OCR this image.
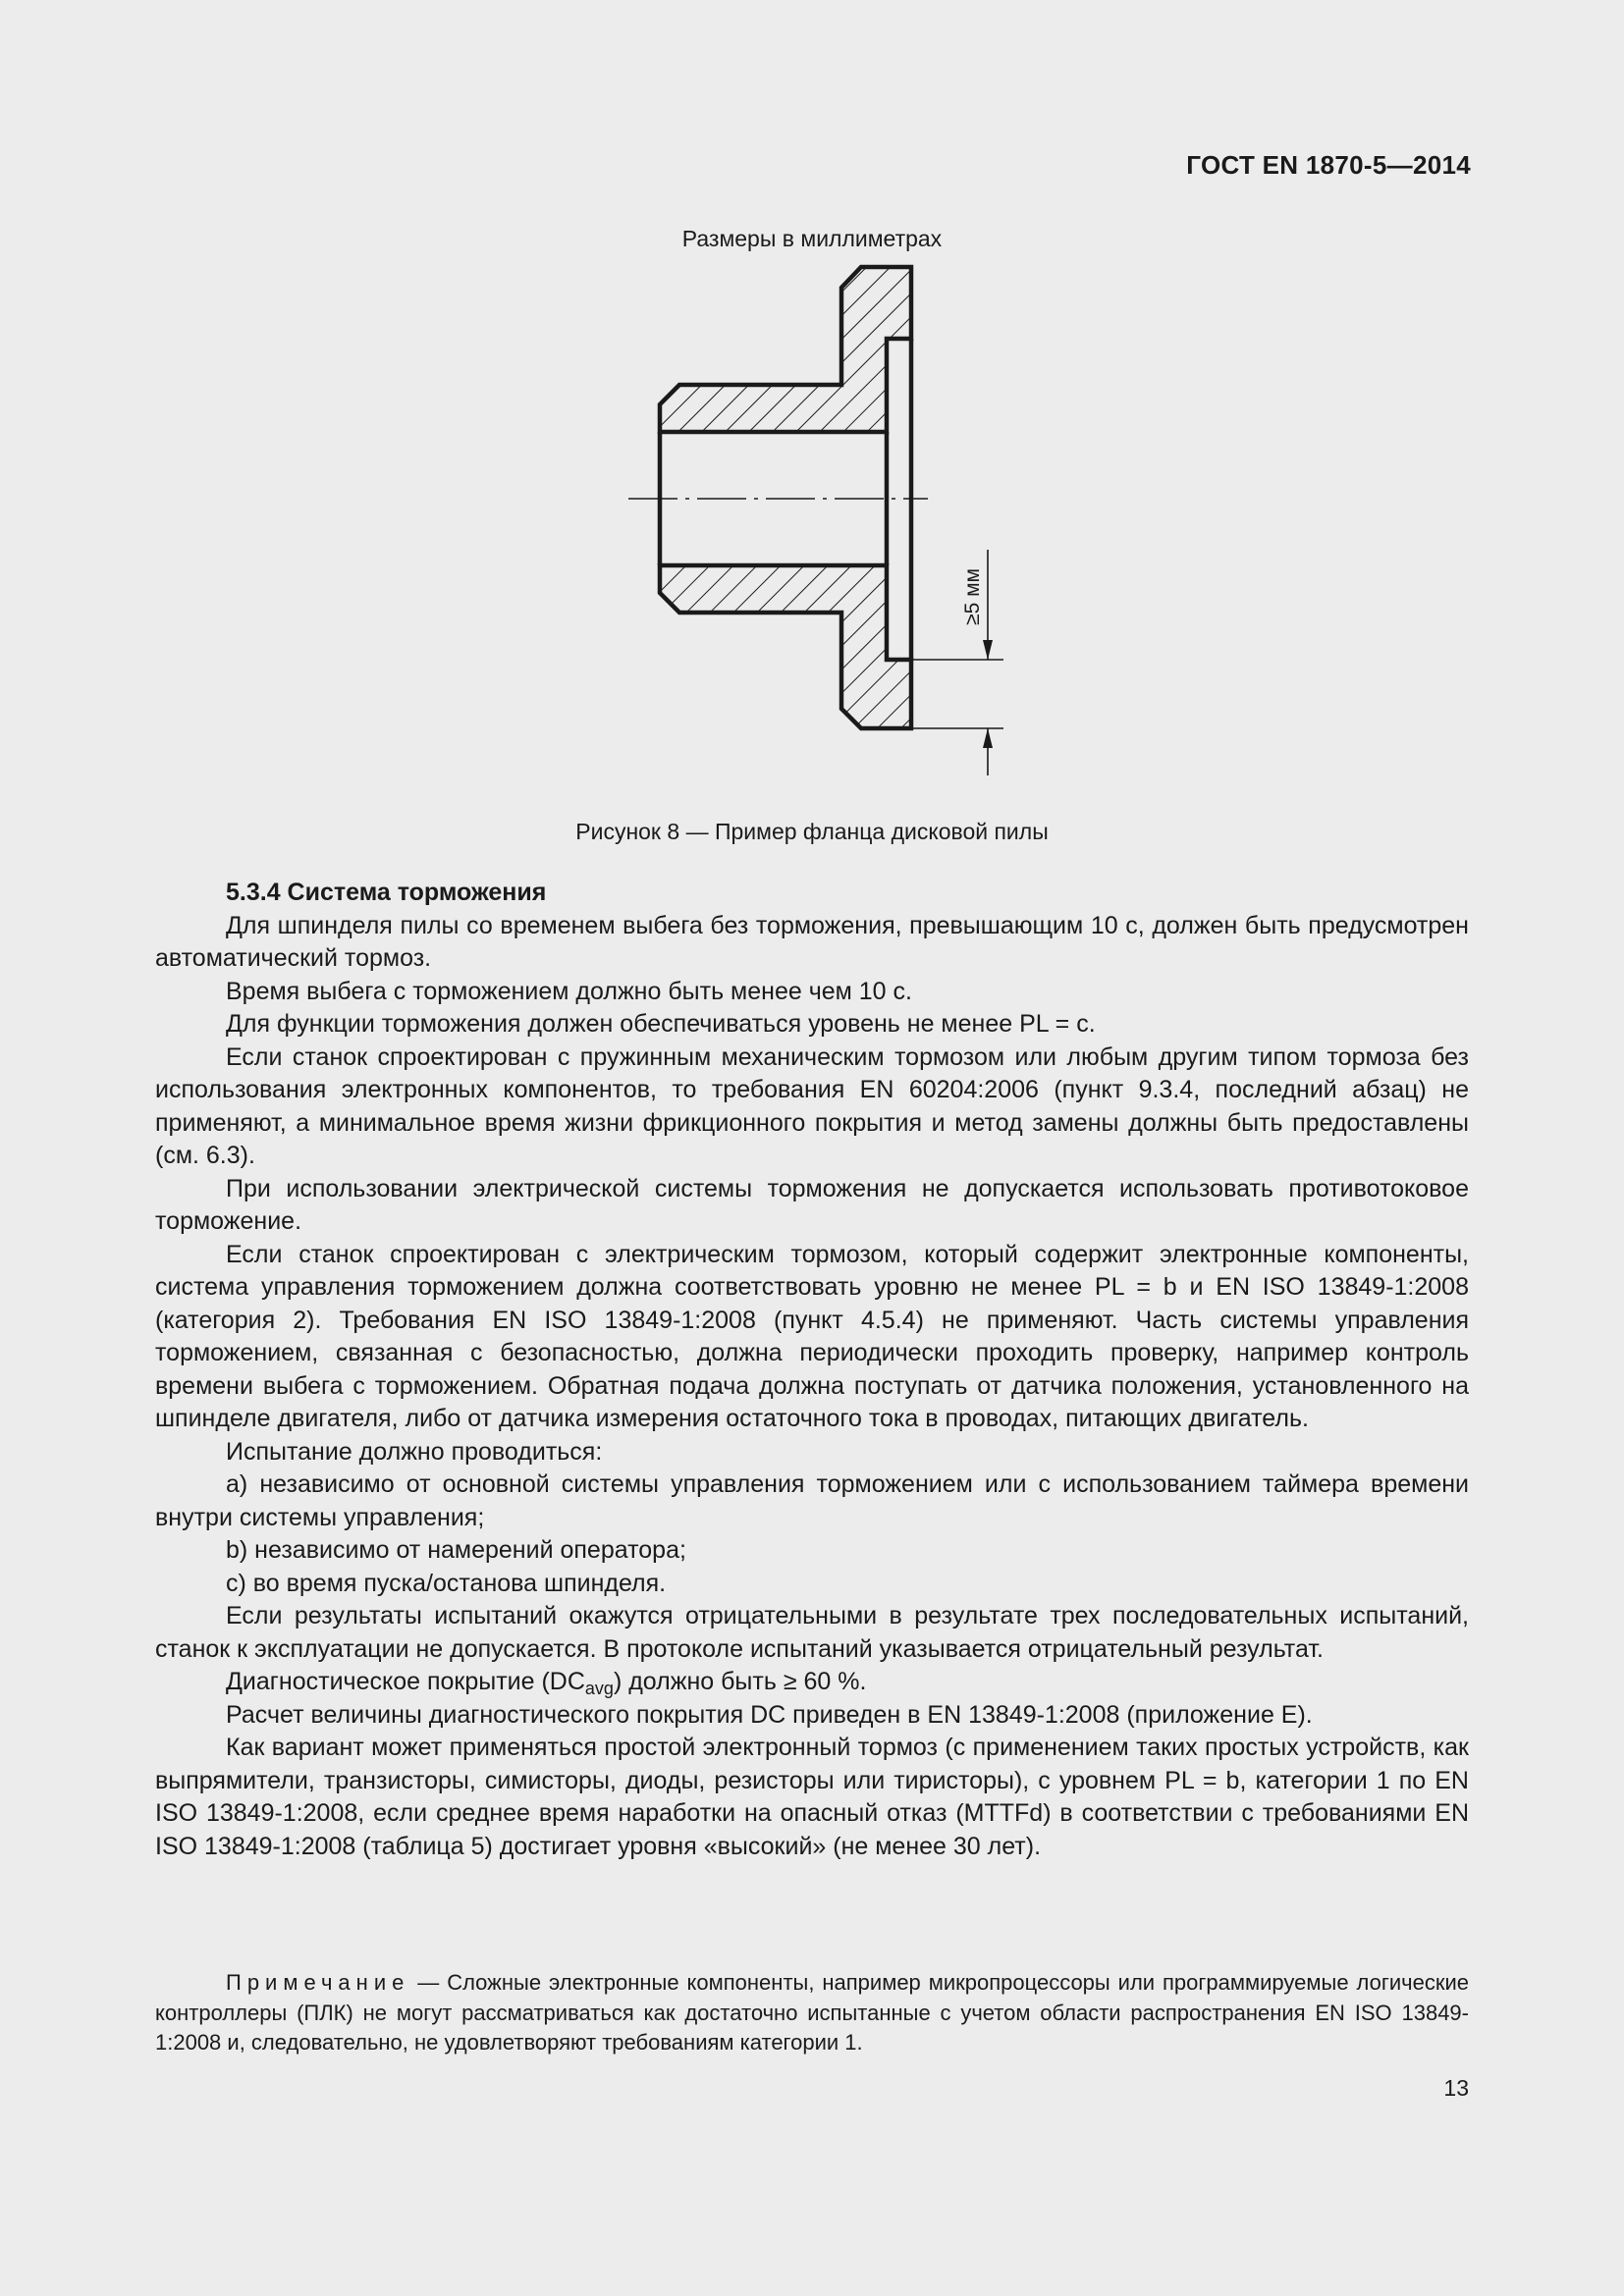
ГОСТ EN 1870-5—2014
Размеры в миллиметрах
≥5 мм
Рисунок 8 — Пример фланца дисковой пилы

5.3.4 Система торможения

Для шпинделя пилы со временем выбега без торможения, превышающим 10 с, должен быть предусмотрен автоматический тормоз.

Время выбега с торможением должно быть менее чем 10 с.

Для функции торможения должен обеспечиваться уровень не менее PL = c.

Если станок спроектирован с пружинным механическим тормозом или любым другим типом тормоза без использования электронных компонентов, то требования EN 60204:2006 (пункт 9.3.4, последний абзац) не применяют, а минимальное время жизни фрикционного покрытия и метод замены должны быть предоставлены (см. 6.3).

При использовании электрической системы торможения не допускается использовать противотоковое торможение.

Если станок спроектирован с электрическим тормозом, который содержит электронные компоненты, система управления торможением должна соответствовать уровню не менее PL = b и EN ISO 13849-1:2008 (категория 2). Требования EN ISO 13849-1:2008 (пункт 4.5.4) не применяют. Часть системы управления торможением, связанная с безопасностью, должна периодически проходить проверку, например контроль времени выбега с торможением. Обратная подача должна поступать от датчика положения, установленного на шпинделе двигателя, либо от датчика измерения остаточного тока в проводах, питающих двигатель.

Испытание должно проводиться:

a) независимо от основной системы управления торможением или с использованием таймера времени внутри системы управления;

b) независимо от намерений оператора;

c) во время пуска/останова шпинделя.

Если результаты испытаний окажутся отрицательными в результате трех последовательных испытаний, станок к эксплуатации не допускается. В протоколе испытаний указывается отрицательный результат.

Диагностическое покрытие $(DC_{avg})$ должно быть ≥ 60 %.

Расчет величины диагностического покрытия DC приведен в EN 13849-1:2008 (приложение E).

Как вариант может применяться простой электронный тормоз (с применением таких простых устройств, как выпрямители, транзисторы, симисторы, диоды, резисторы или тиристоры), с уровнем PL = b, категории 1 по EN ISO 13849-1:2008, если среднее время наработки на опасный отказ (MTTFd) в соответствии с требованиями EN ISO 13849-1:2008 (таблица 5) достигает уровня «высокий» (не менее 30 лет).

Примечание — Сложные электронные компоненты, например микропроцессоры или программируемые логические контроллеры (ПЛК) не могут рассматриваться как достаточно испытанные с учетом области распространения EN ISO 13849-1:2008 и, следовательно, не удовлетворяют требованиям категории 1.

13
